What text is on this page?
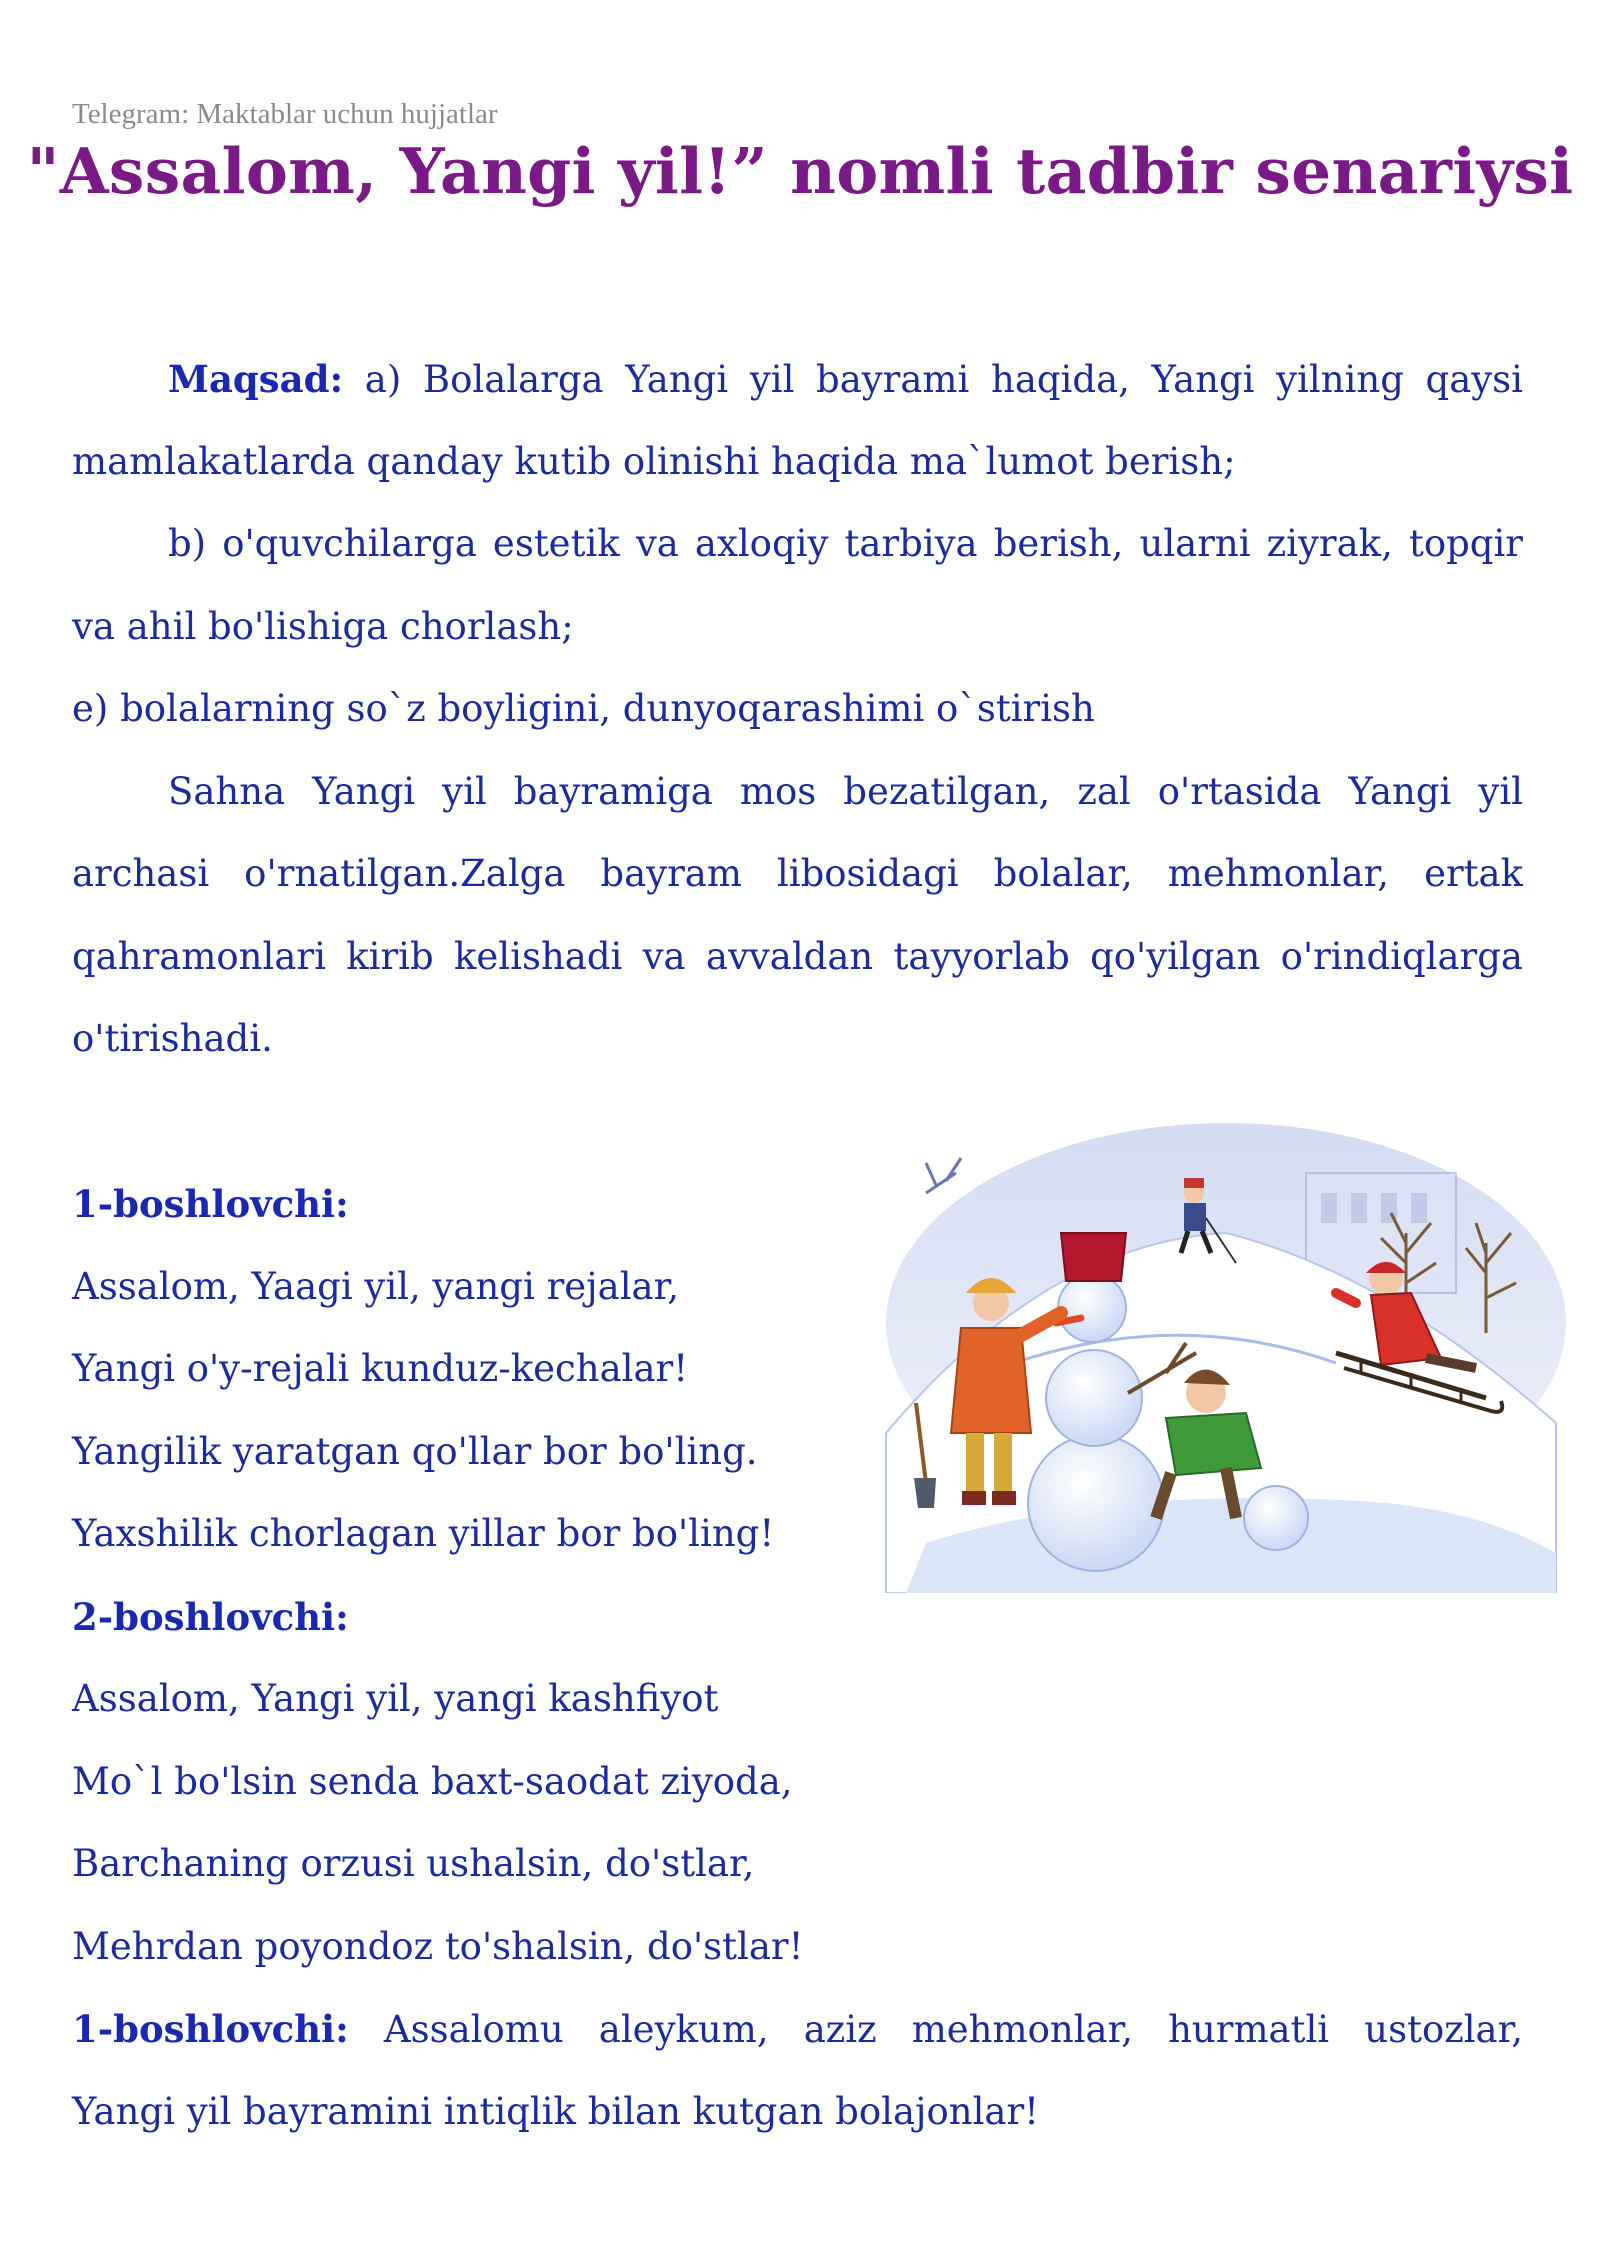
Telegram: Maktablar uchun hujjatlar
"Assalom, Yangi yil!” nomli tadbir senariysi
Maqsad: a) Bolalarga Yangi yil bayrami haqida, Yangi yilning qaysi
mamlakatlarda qanday kutib olinishi haqida ma`lumot berish;
b) o'quvchilarga estetik va axloqiy tarbiya berish, ularni ziyrak, topqir
va ahil bo'lishiga chorlash;
e) bolalarning so`z boyligini, dunyoqarashimi o`stirish
Sahna Yangi yil bayramiga mos bezatilgan, zal o'rtasida Yangi yil
archasi o'rnatilgan.Zalga bayram libosidagi bolalar, mehmonlar, ertak
qahramonlari kirib kelishadi va avvaldan tayyorlab qo'yilgan o'rindiqlarga
o'tirishadi.
1-boshlovchi:
Assalom, Yaagi yil, yangi rejalar,
Yangi o'y-rejali kunduz-kechalar!
Yangilik yaratgan qo'llar bor bo'ling.
Yaxshilik chorlagan yillar bor bo'ling!
2-boshlovchi:
Assalom, Yangi yil, yangi kashfiyot
Mo`l bo'lsin senda baxt-saodat ziyoda,
Barchaning orzusi ushalsin, do'stlar,
Mehrdan poyondoz to'shalsin, do'stlar!
1-boshlovchi: Assalomu aleykum, aziz mehmonlar, hurmatli ustozlar,
Yangi yil bayramini intiqlik bilan kutgan bolajonlar!
